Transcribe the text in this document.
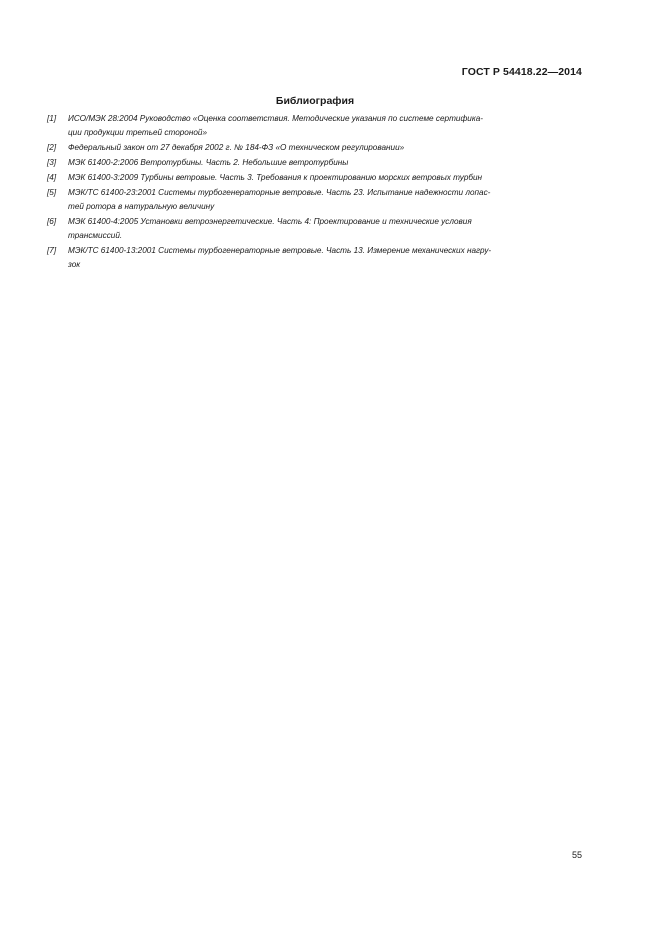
ГОСТ Р 54418.22—2014
Библиография
[1]	ИСО/МЭК 28:2004 Руководство «Оценка соответствия. Методические указания по системе сертифика-
ции продукции третьей стороной»
[2]	Федеральный закон от 27 декабря 2002 г. № 184-ФЗ «О техническом регулировании»
[3]	МЭК 61400-2:2006 Ветротурбины. Часть 2. Небольшие ветротурбины
[4]	МЭК 61400-3:2009 Турбины ветровые. Часть 3. Требования к проектированию морских ветровых турбин
[5]	МЭК/ТС 61400-23:2001 Системы турбогенераторные ветровые. Часть 23. Испытание надежности лопас-
тей ротора в натуральную величину
[6]	МЭК 61400-4:2005 Установки ветроэнергетические. Часть 4: Проектирование и технические условия
трансмиссий.
[7]	МЭК/ТС 61400-13:2001 Системы турбогенераторные ветровые. Часть 13. Измерение механических нагру-
зок
55
